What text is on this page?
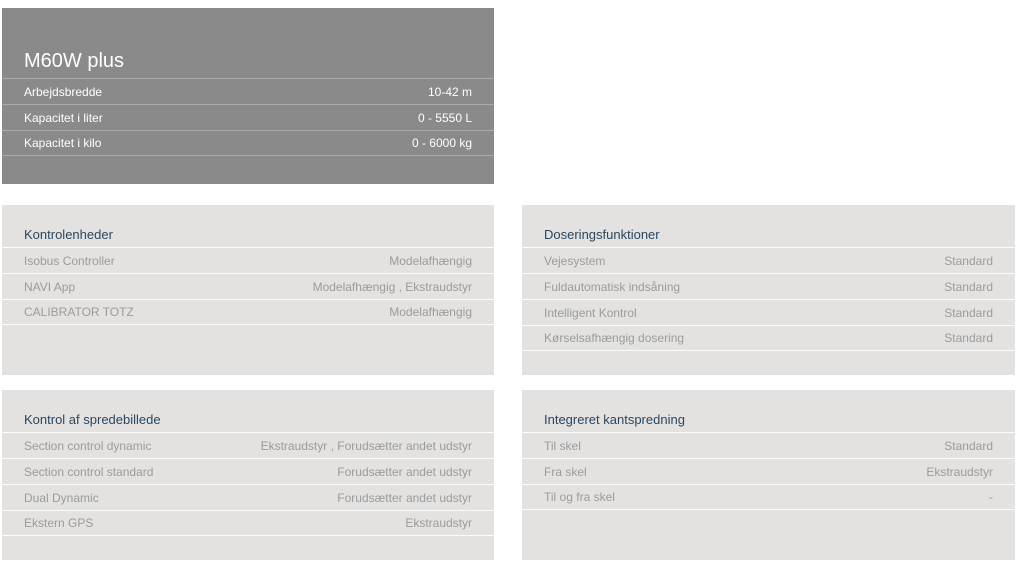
M60W plus
Arbejdsbredde	10-42 m
Kapacitet i liter	0 - 5550 L
Kapacitet i kilo	0 - 6000 kg
Kontrolenheder
Isobus Controller	Modelafhængig
NAVI App	Modelafhængig , Ekstraudstyr
CALIBRATOR TOTZ	Modelafhængig
Doseringsfunktioner
Vejesystem	Standard
Fuldautomatisk indsåning	Standard
Intelligent Kontrol	Standard
Kørselsafhængig dosering	Standard
Kontrol af spredebillede
Section control dynamic	Ekstraudstyr , Forudsætter andet udstyr
Section control standard	Forudsætter andet udstyr
Dual Dynamic	Forudsætter andet udstyr
Ekstern GPS	Ekstraudstyr
Integreret kantspredning
Til skel	Standard
Fra skel	Ekstraudstyr
Til og fra skel	-
